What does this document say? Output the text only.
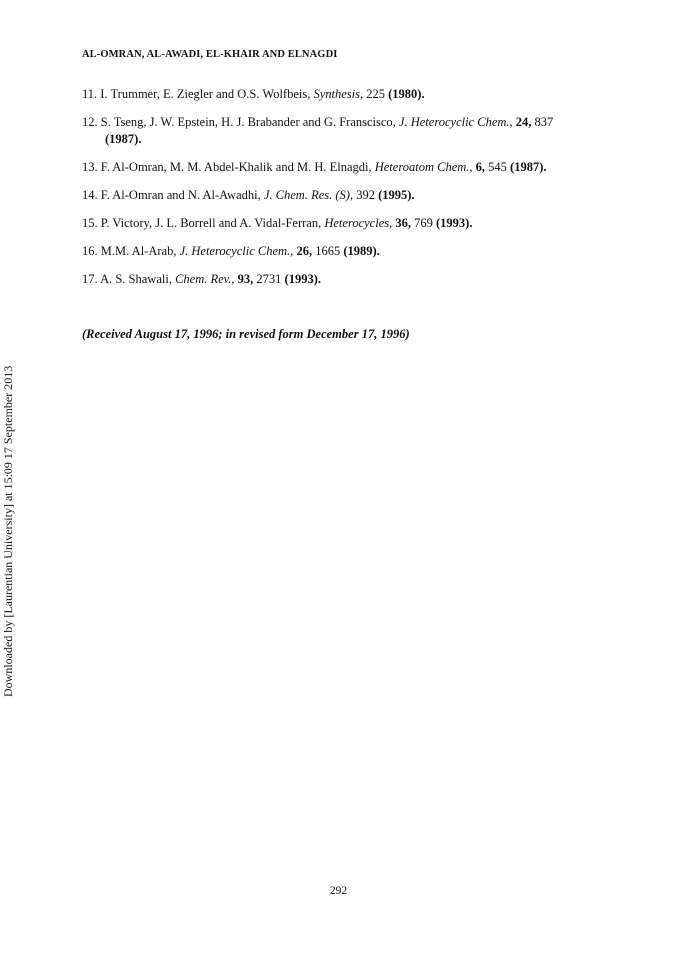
Downloaded by [Laurentian University] at 15:09 17 September 2013
AL-OMRAN, AL-AWADI, EL-KHAIR AND ELNAGDI
11. I. Trummer, E. Ziegler and O.S. Wolfbeis, Synthesis, 225 (1980).
12. S. Tseng, J. W. Epstein, H. J. Brabander and G. Franscisco, J. Heterocyclic Chem., 24, 837
(1987).
13. F. Al-Omran, M. M. Abdel-Khalik and M. H. Elnagdi, Heteroatom Chem., 6, 545 (1987).
14. F. Al-Omran and N. Al-Awadhi, J. Chem. Res. (S), 392 (1995).
15. P. Victory, J. L. Borrell and A. Vidal-Ferran, Heterocycles, 36, 769 (1993).
16. M.M. Al-Arab, J. Heterocyclic Chem., 26, 1665 (1989).
17. A. S. Shawali, Chem. Rev., 93, 2731 (1993).
(Received August 17, 1996; in revised form December 17, 1996)
292
